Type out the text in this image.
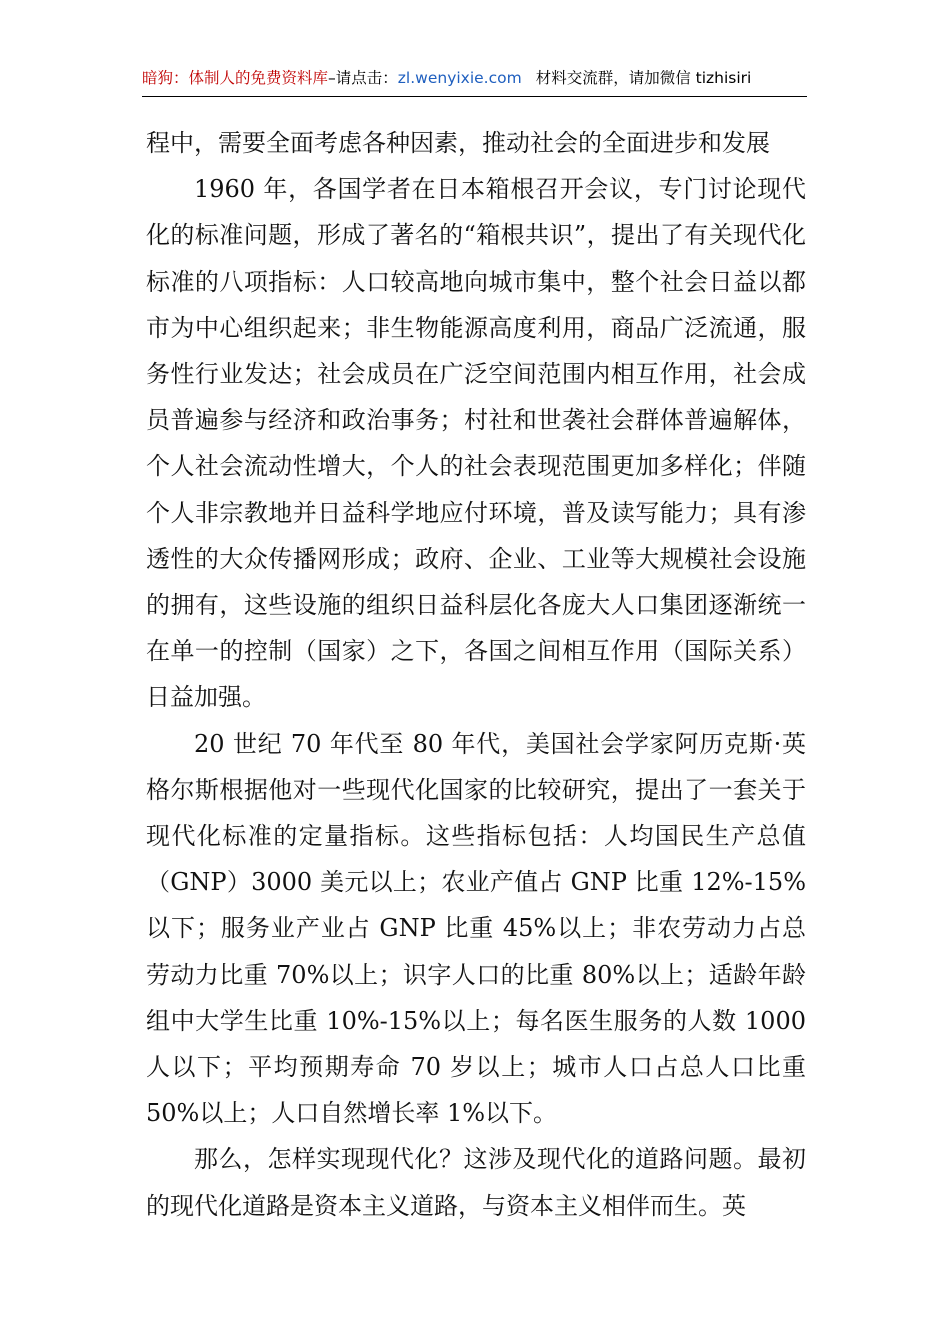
暗狗：体制人的免费资料库–请点击：zl.wenyixie.com 材料交流群，请加微信 tizhisiri

程中，需要全面考虑各种因素，推动社会的全面进步和发展

1960 年，各国学者在日本箱根召开会议，专门讨论现代化的标准问题，形成了著名的“箱根共识”，提出了有关现代化标准的八项指标：人口较高地向城市集中，整个社会日益以都市为中心组织起来；非生物能源高度利用，商品广泛流通，服务性行业发达；社会成员在广泛空间范围内相互作用，社会成员普遍参与经济和政治事务；村社和世袭社会群体普遍解体，个人社会流动性增大，个人的社会表现范围更加多样化；伴随个人非宗教地并日益科学地应付环境，普及读写能力；具有渗透性的大众传播网形成；政府、企业、工业等大规模社会设施的拥有，这些设施的组织日益科层化各庞大人口集团逐渐统一在单一的控制（国家）之下，各国之间相互作用（国际关系）日益加强。

20 世纪 70 年代至 80 年代，美国社会学家阿历克斯·英格尔斯根据他对一些现代化国家的比较研究，提出了一套关于现代化标准的定量指标。这些指标包括：人均国民生产总值（GNP）3000 美元以上；农业产值占 GNP 比重 12%-15%以下；服务业产业占 GNP 比重 45%以上；非农劳动力占总劳动力比重 70%以上；识字人口的比重 80%以上；适龄年龄组中大学生比重 10%-15%以上；每名医生服务的人数 1000 人以下；平均预期寿命 70 岁以上；城市人口占总人口比重 50%以上；人口自然增长率 1%以下。

那么，怎样实现现代化？这涉及现代化的道路问题。最初的现代化道路是资本主义道路，与资本主义相伴而生。英
